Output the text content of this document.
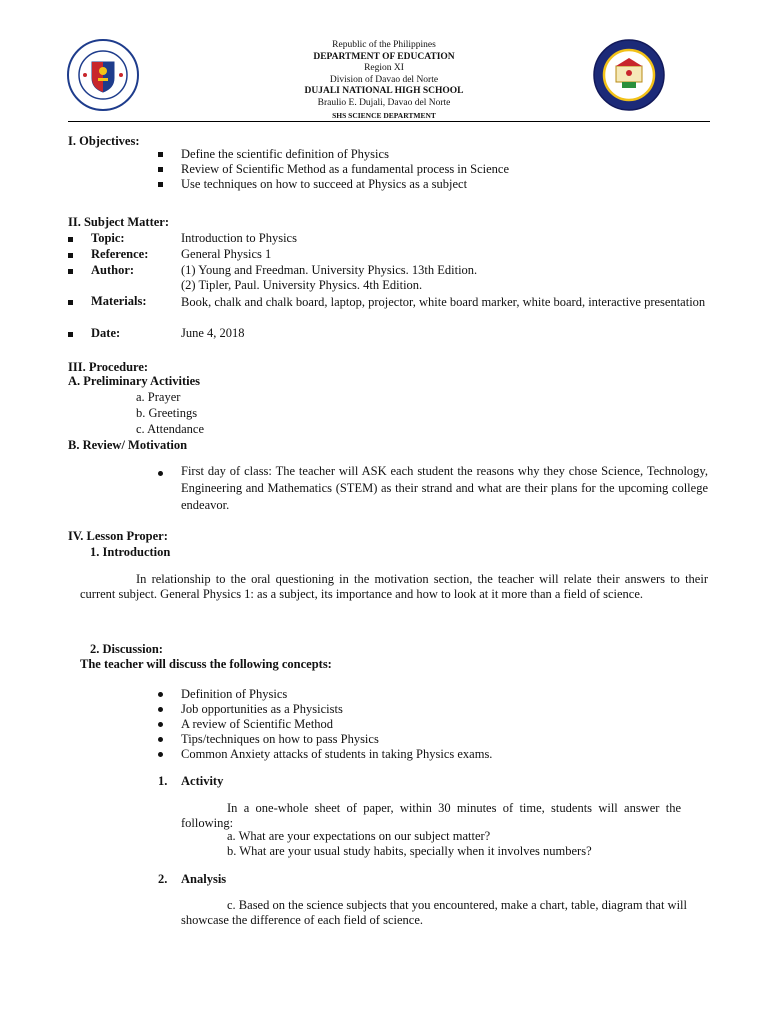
Republic of the Philippines
DEPARTMENT OF EDUCATION
Region XI
Division of Davao del Norte
DUJALI NATIONAL HIGH SCHOOL
Braulio E. Dujali, Davao del Norte
SHS SCIENCE DEPARTMENT
I. Objectives:
Define the scientific definition of Physics
Review of Scientific Method as a fundamental process in Science
Use techniques on how to succeed at Physics as a subject
II. Subject Matter:
Topic:	Introduction to Physics
Reference:	General Physics 1
Author:	(1) Young and Freedman. University Physics. 13th Edition.
(2) Tipler, Paul. University Physics. 4th Edition.
Materials:	Book, chalk and chalk board, laptop, projector, white board marker, white board, interactive presentation
Date:	June 4, 2018
III. Procedure:
A. Preliminary Activities
a. Prayer
b. Greetings
c. Attendance
B. Review/ Motivation
First day of class: The teacher will ASK each student the reasons why they chose Science, Technology, Engineering and Mathematics (STEM) as their strand and what are their plans for the upcoming college endeavor.
IV. Lesson Proper:
1. Introduction
In relationship to the oral questioning in the motivation section, the teacher will relate their answers to their current subject. General Physics 1: as a subject, its importance and how to look at it more than a field of science.
2. Discussion:
The teacher will discuss the following concepts:
Definition of Physics
Job opportunities as a Physicists
A review of Scientific Method
Tips/techniques on how to pass Physics
Common Anxiety attacks of students in taking Physics exams.
1. Activity
In a one-whole sheet of paper, within 30 minutes of time, students will answer the following:
a. What are your expectations on our subject matter?
b. What are your usual study habits, specially when it involves numbers?
2. Analysis
c. Based on the science subjects that you encountered, make a chart, table, diagram that will showcase the difference of each field of science.
